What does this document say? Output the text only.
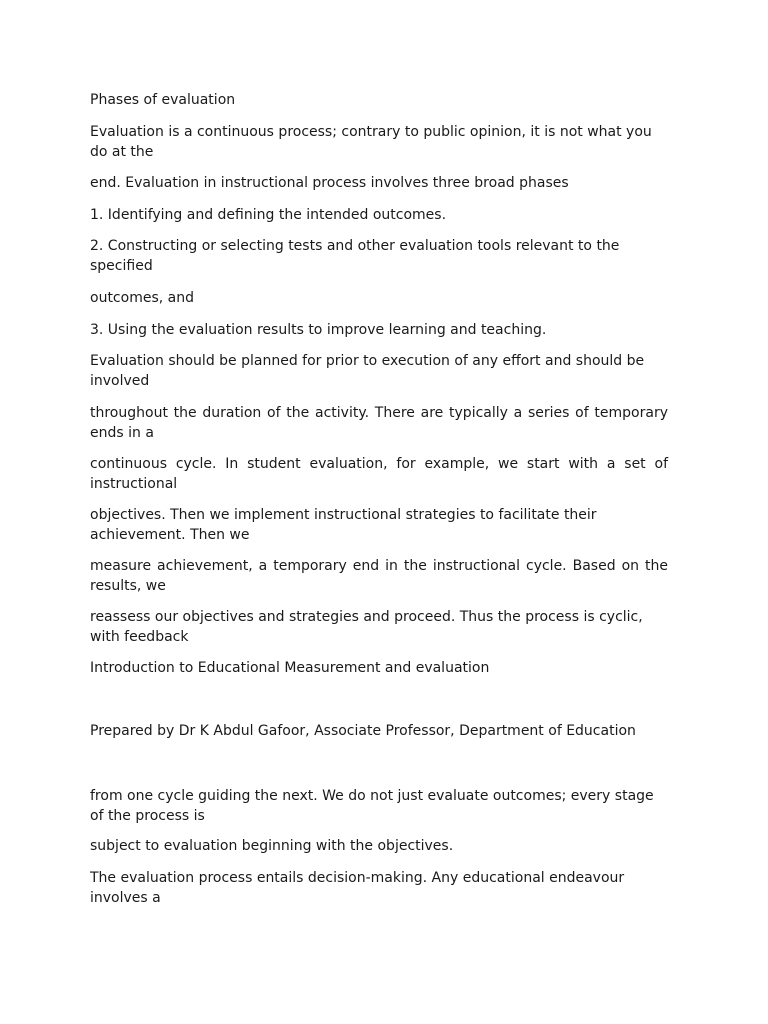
Phases of evaluation

Evaluation is a continuous process; contrary to public opinion, it is not what you do at the

end. Evaluation in instructional process involves three broad phases

1. Identifying and defining the intended outcomes.

2. Constructing or selecting tests and other evaluation tools relevant to the specified

outcomes, and

3. Using the evaluation results to improve learning and teaching.

Evaluation should be planned for prior to execution of any effort and should be involved

throughout the duration of the activity. There are typically a series of temporary ends in a

continuous cycle. In student evaluation, for example, we start with a set of instructional

objectives. Then we implement instructional strategies to facilitate their achievement. Then we

measure achievement, a temporary end in the instructional cycle. Based on the results, we

reassess our objectives and strategies and proceed. Thus the process is cyclic, with feedback

Introduction to Educational Measurement and evaluation

Prepared by Dr K Abdul Gafoor, Associate Professor, Department of Education

from one cycle guiding the next. We do not just evaluate outcomes; every stage of the process is

subject to evaluation beginning with the objectives.

The evaluation process entails decision-making. Any educational endeavour involves a
